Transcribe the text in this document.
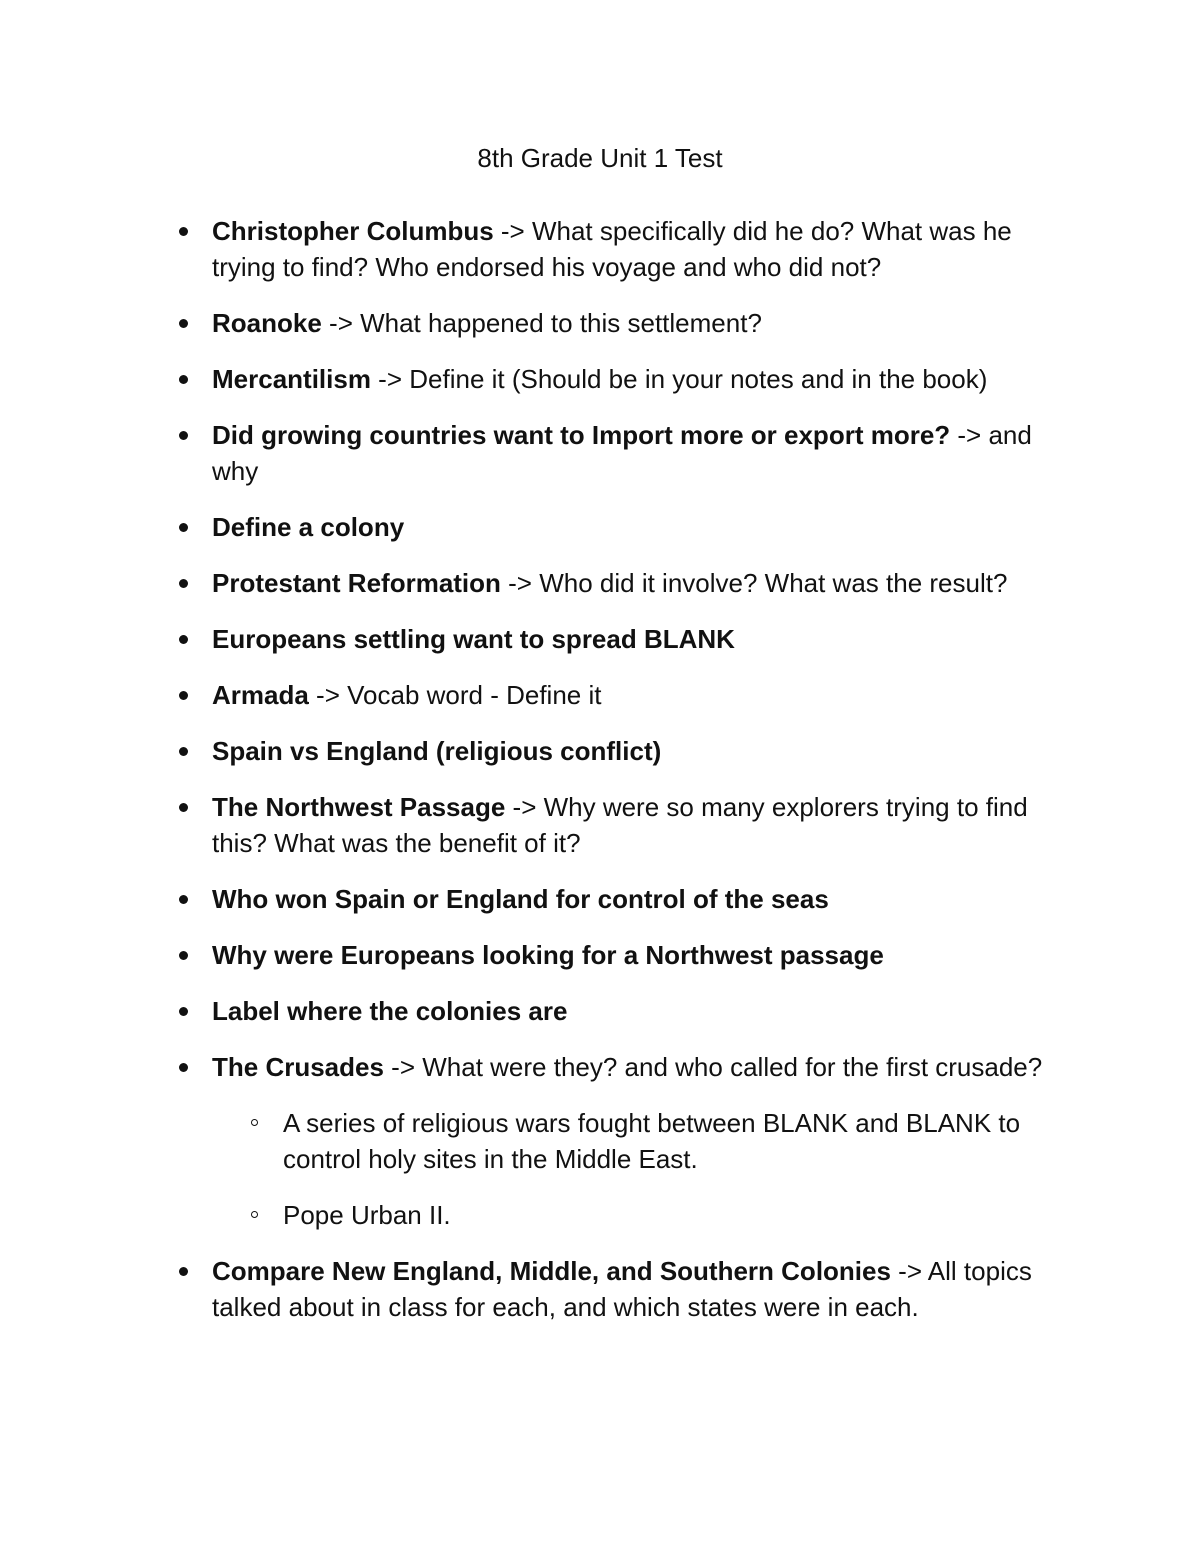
8th Grade Unit 1 Test
Christopher Columbus -> What specifically did he do? What was he trying to find? Who endorsed his voyage and who did not?
Roanoke -> What happened to this settlement?
Mercantilism -> Define it (Should be in your notes and in the book)
Did growing countries want to Import more or export more? -> and why
Define a colony
Protestant Reformation -> Who did it involve? What was the result?
Europeans settling want to spread BLANK
Armada -> Vocab word - Define it
Spain vs England (religious conflict)
The Northwest Passage -> Why were so many explorers trying to find this? What was the benefit of it?
Who won Spain or England for control of the seas
Why were Europeans looking for a Northwest passage
Label where the colonies are
The Crusades -> What were they? and who called for the first crusade?
A series of religious wars fought between BLANK and BLANK to control holy sites in the Middle East.
Pope Urban II.
Compare New England, Middle, and Southern Colonies -> All topics talked about in class for each, and which states were in each.
